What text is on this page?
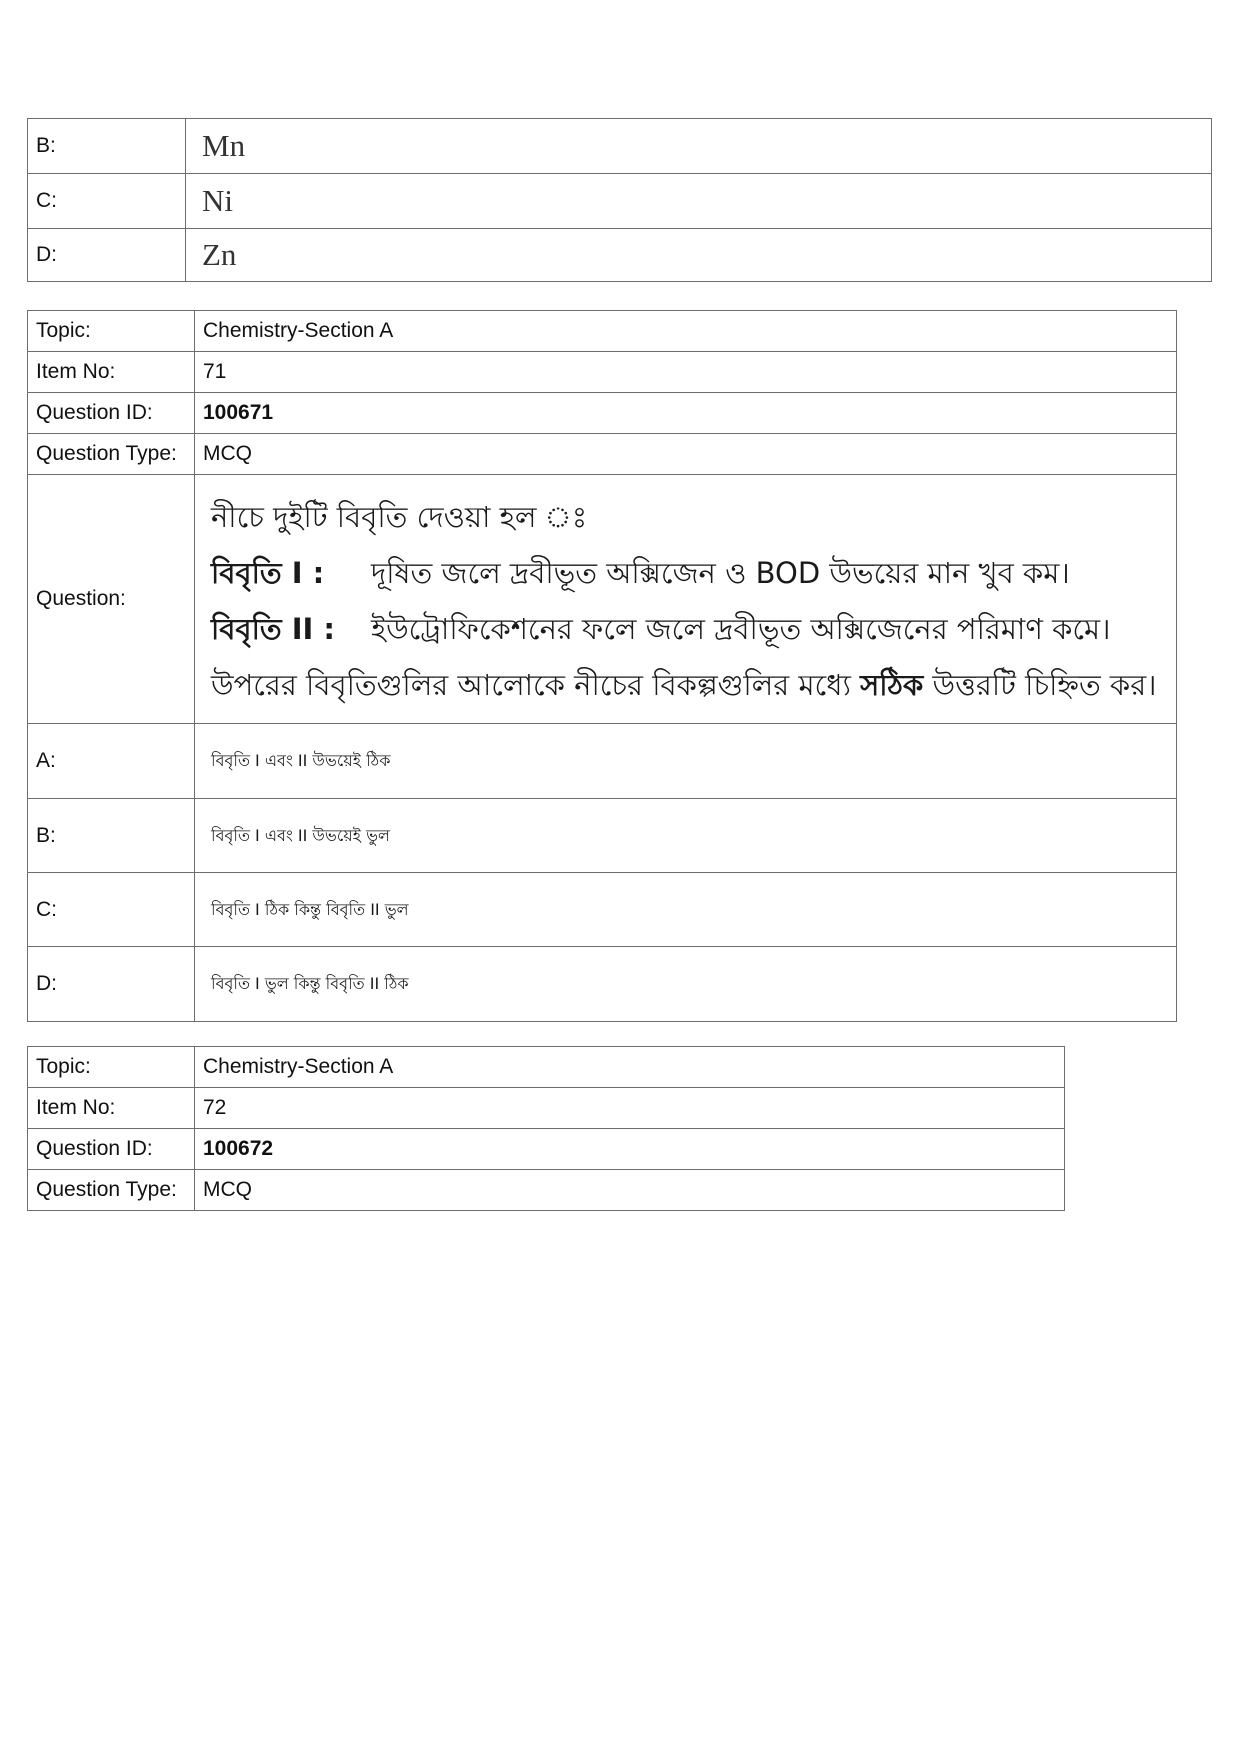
B:	Mn
C:	Ni
D:	Zn
Topic:	Chemistry-Section A
Item No:	71
Question ID:	100671
Question Type:	MCQ
Question:	নীচে দুইটি বিবৃতি দেওয়া হল ঃ
বিবৃতি I : দূষিত জলে দ্রবীভূত অক্সিজেন ও BOD উভয়ের মান খুব কম।
বিবৃতি II : ইউট্রোফিকেশনের ফলে জলে দ্রবীভূত অক্সিজেনের পরিমাণ কমে।
উপরের বিবৃতিগুলির আলোকে নীচের বিকল্পগুলির মধ্যে সঠিক উত্তরটি চিহ্নিত কর।

A:	বিবৃতি I এবং II উভয়েই ঠিক
B:	বিবৃতি I এবং II উভয়েই ভুল
C:	বিবৃতি I ঠিক কিন্তু বিবৃতি II ভুল
D:	বিবৃতি I ভুল কিন্তু বিবৃতি II ঠিক
Topic:	Chemistry-Section A
Item No:	72
Question ID:	100672
Question Type:	MCQ
